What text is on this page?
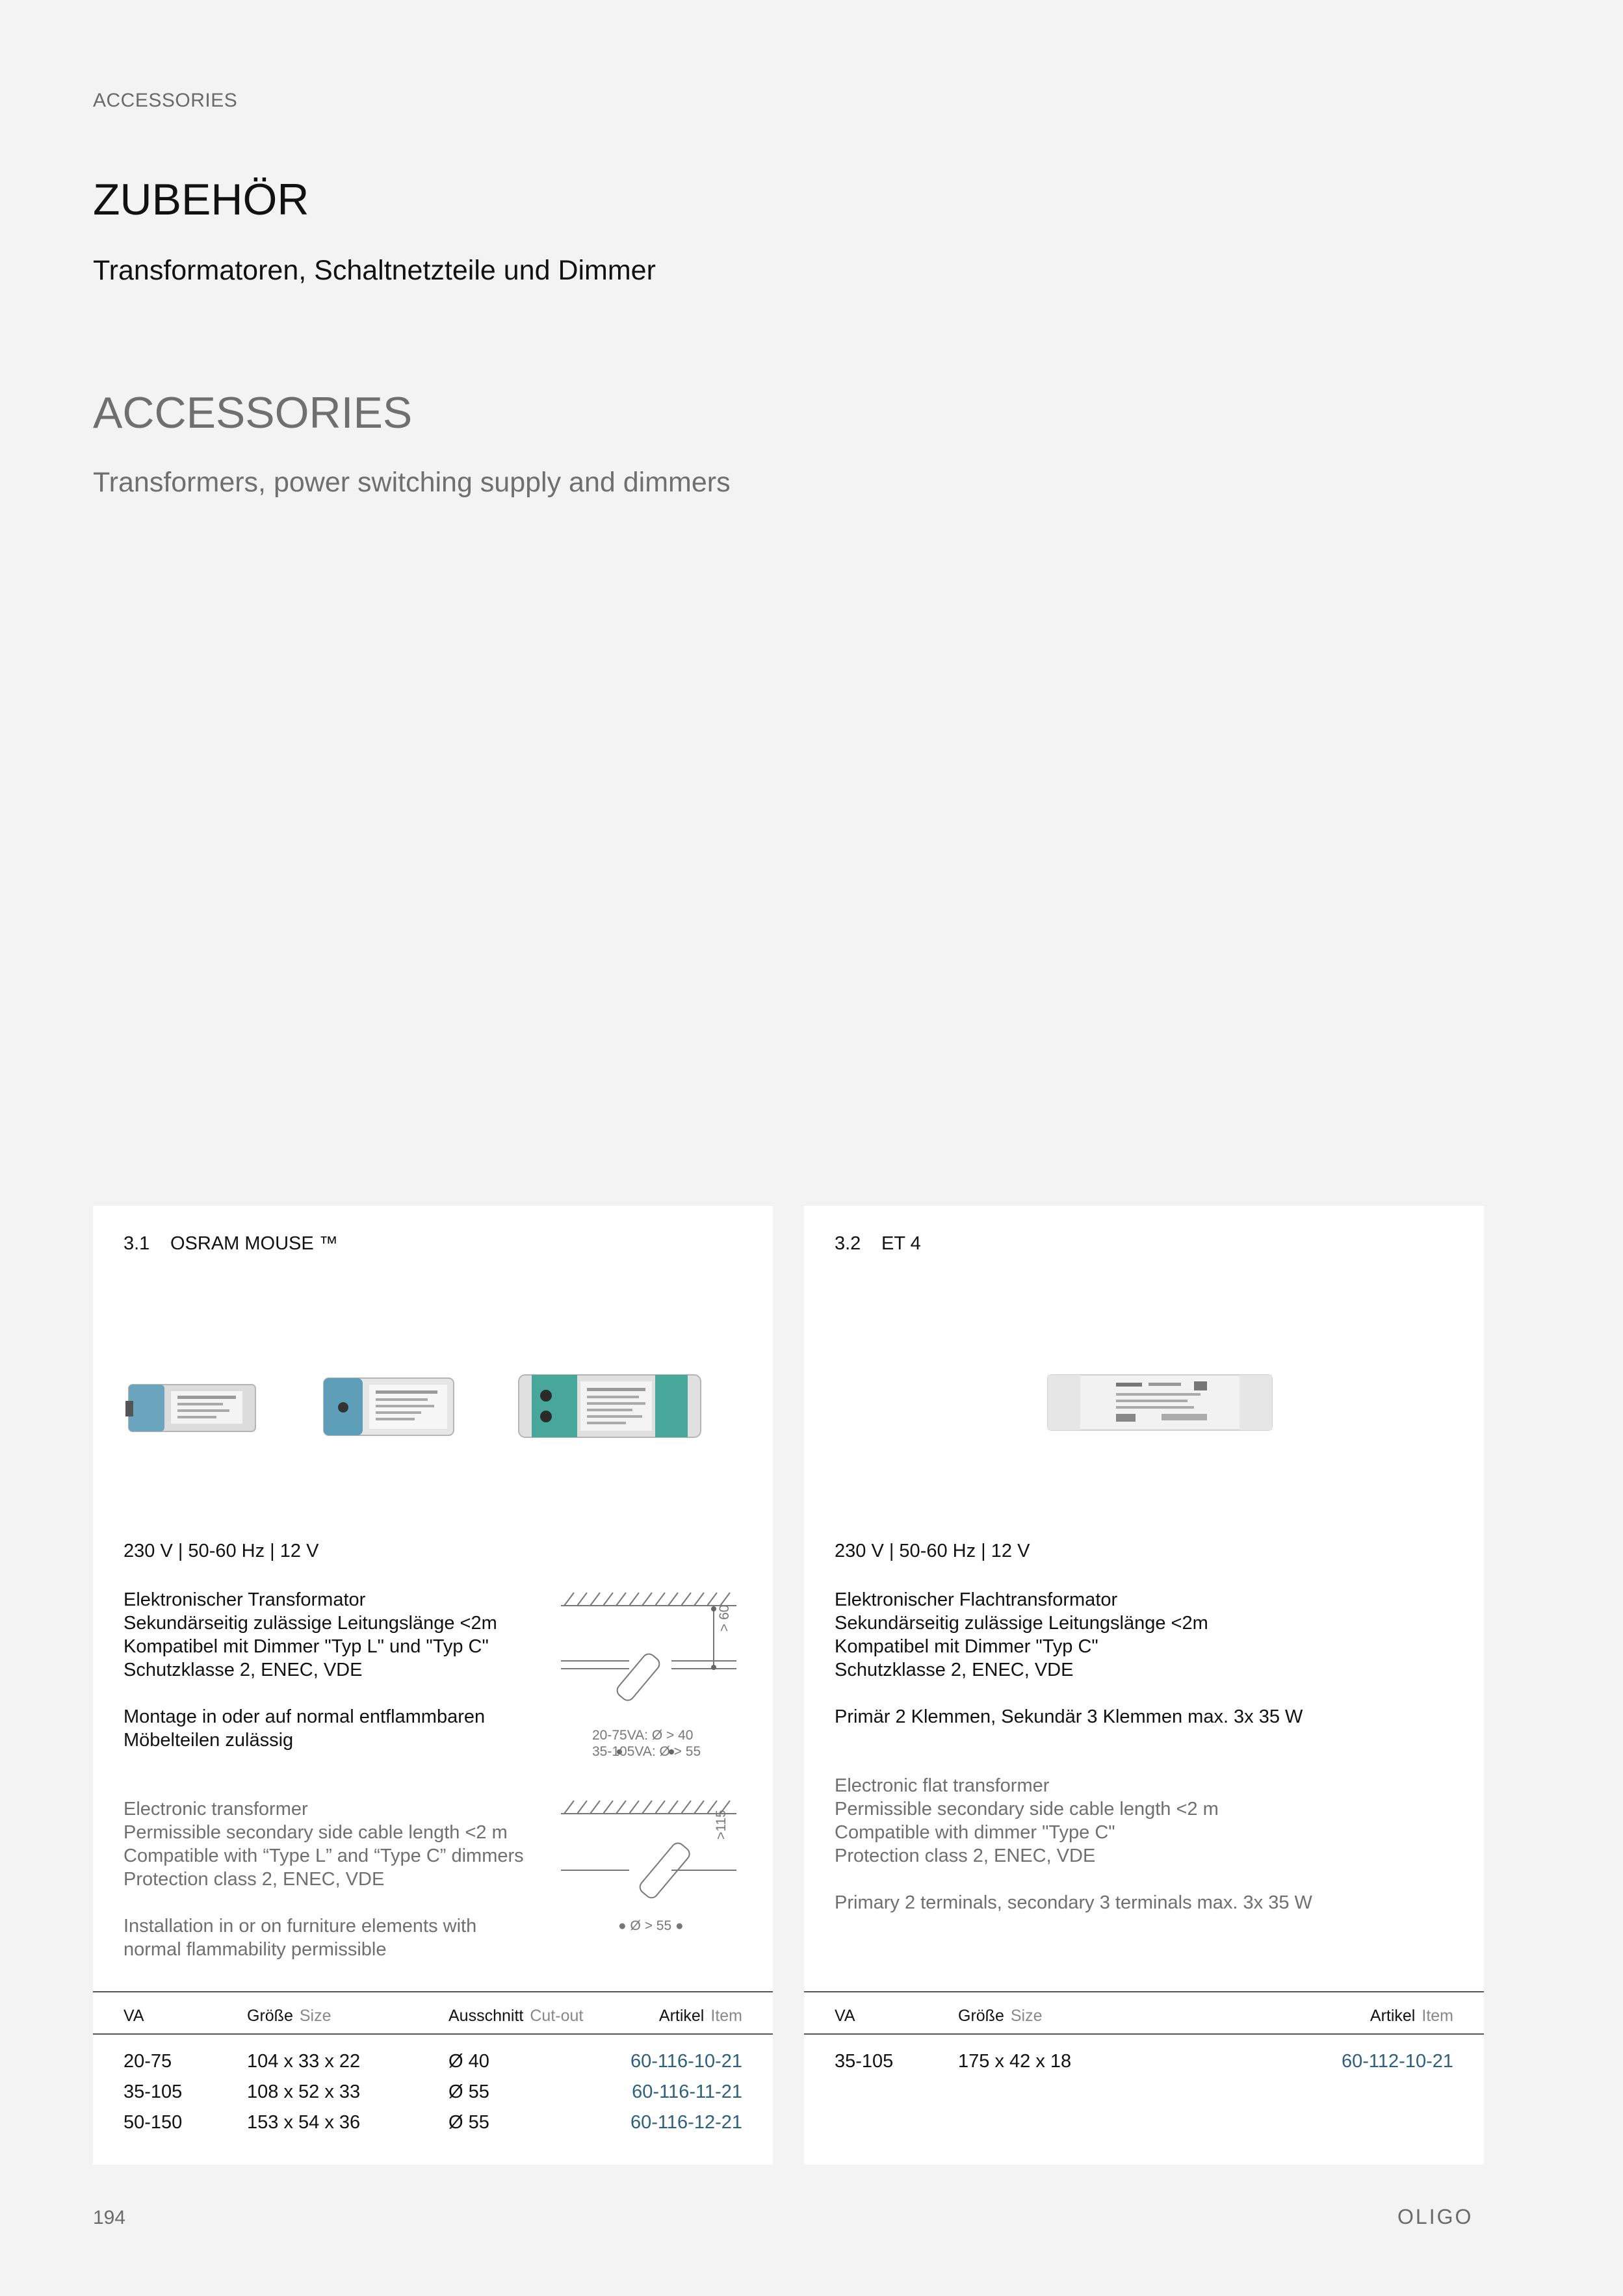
ACCESSORIES
ZUBEHÖR
Transformatoren, Schaltnetzteile und Dimmer
ACCESSORIES
Transformers, power switching supply and dimmers
3.1 OSRAM MOUSE ™
230 V | 50-60 Hz | 12 V

Elektronischer Transformator

Sekundärseitig zulässige Leitungslänge <2m

Kompatibel mit Dimmer "Typ L" und "Typ C"

Schutzklasse 2, ENEC, VDE

Montage in oder auf normal entflammbaren

Möbelteilen zulässig

Electronic transformer

Permissible secondary side cable length <2 m

Compatible with “Type L” and “Type C” dimmers

Protection class 2, ENEC, VDE

Installation in or on furniture elements with

normal flammability permissible

> 60
20-75VA: Ø > 40
35-105VA: Ø > 55
>115
● Ø > 55 ●
VA	Größe Size	Ausschnitt Cut-out	Artikel Item
20-75	104 x 33 x 22	Ø 40	60-116-10-21
35-105	108 x 52 x 33	Ø 55	60-116-11-21
50-150	153 x 54 x 36	Ø 55	60-116-12-21
3.2 ET 4
230 V | 50-60 Hz | 12 V

Elektronischer Flachtransformator

Sekundärseitig zulässige Leitungslänge <2m

Kompatibel mit Dimmer "Typ C"

Schutzklasse 2, ENEC, VDE

Primär 2 Klemmen, Sekundär 3 Klemmen max. 3x 35 W

Electronic flat transformer

Permissible secondary side cable length <2 m

Compatible with dimmer "Type C"

Protection class 2, ENEC, VDE

Primary 2 terminals, secondary 3 terminals max. 3x 35 W

VA	Größe Size	Artikel Item
35-105	175 x 42 x 18	60-112-10-21
194	OLIGO
